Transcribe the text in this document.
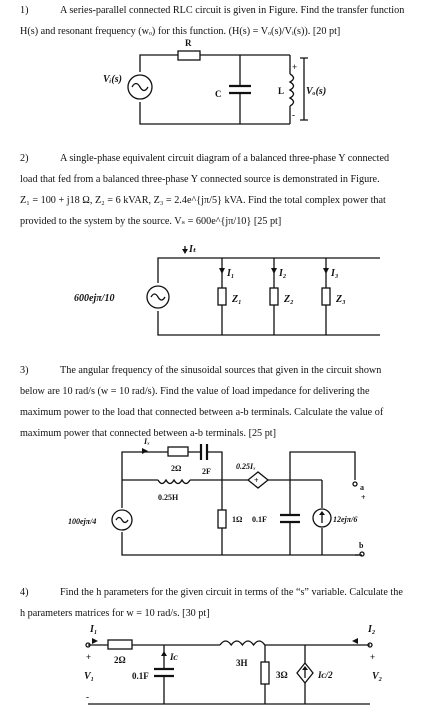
1)	A series-parallel connected RLC circuit is given in Figure. Find the transfer function
H(s) and resonant frequency (wₒ) for this function. (H(s) = Vₒ(s)/Vᵢ(s)). [20 pt]
R
Vᵢ(s)
C	L
+
-
Vₒ(s)
2)	A single-phase equivalent circuit diagram of a balanced three-phase Y connected
load that fed from a balanced three-phase Y connected source is demonstrated in Figure.
Z₁ = 100 + j18 Ω, Z₂ = 6 kVAR, Z₃ = 2.4e^{jπ/5} kVA. Find the total complex power that
provided to the system by the source. Vₛ = 600e^{jπ/10} [25 pt]
Iₜ
600ejπ/10	Z₁
I₁
Z₂
I₂
Z₃
I₃
3)	The angular frequency of the sinusoidal sources that given in the circuit shown
below are 10 rad/s (w = 10 rad/s). Find the value of load impedance for delivering the
maximum power to the load that connected between a-b terminals. Calculate the value of
maximum power that connected between a-b terminals. [25 pt]
Iₓ
2Ω	2F
0.25H
+
0.25Iₓ
100ejπ/4	1Ω 0.1F	12ejπ/6
a
+
b
4)	Find the h parameters for the given circuit in terms of the “s” variable. Calculate the
h parameters matrices for w = 10 rad/s. [30 pt]
I₁
+
V₁
-
I₂
+
V₂
2Ω
0.1F
Iᴄ
3H
3Ω	Iᴄ/2
